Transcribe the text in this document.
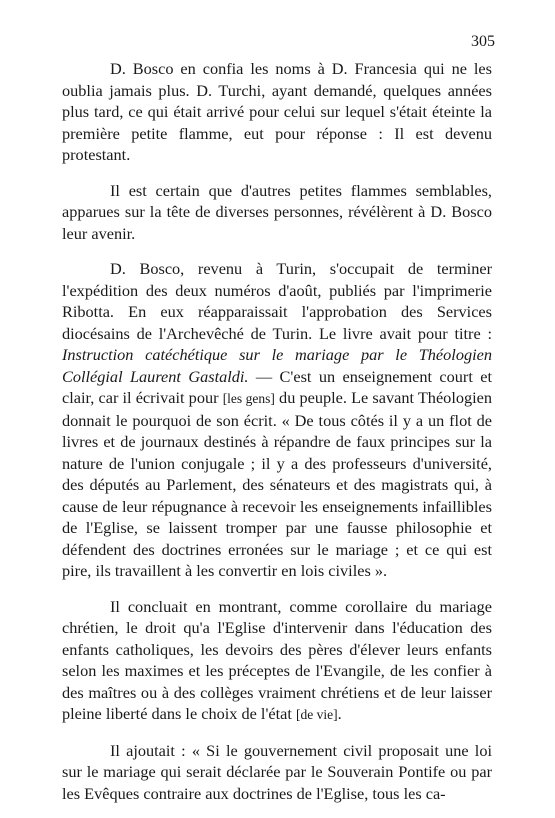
305

D. Bosco en confia les noms à D. Francesia qui ne les oublia jamais plus. D. Turchi, ayant demandé, quelques années plus tard, ce qui était arrivé pour celui sur lequel s'était éteinte la première petite flamme, eut pour réponse : Il est devenu protestant.

Il est certain que d'autres petites flammes semblables, apparues sur la tête de diverses personnes, révélèrent à D. Bosco leur avenir.

D. Bosco, revenu à Turin, s'occupait de terminer l'expédition des deux numéros d'août, publiés par l'imprimerie Ribotta. En eux réapparaissait l'approbation des Services diocésains de l'Archevêché de Turin. Le livre avait pour titre : Instruction catéchétique sur le mariage par le Théologien Collégial Laurent Gastaldi. — C'est un enseignement court et clair, car il écrivait pour [les gens] du peuple. Le savant Théologien donnait le pourquoi de son écrit. « De tous côtés il y a un flot de livres et de journaux destinés à répandre de faux principes sur la nature de l'union conjugale ; il y a des professeurs d'université, des députés au Parlement, des sénateurs et des magistrats qui, à cause de leur répugnance à recevoir les enseignements infaillibles de l'Eglise, se laissent tromper par une fausse philosophie et défendent des doctrines erronées sur le mariage ; et ce qui est pire, ils travaillent à les convertir en lois civiles ».

Il concluait en montrant, comme corollaire du mariage chrétien, le droit qu'a l'Eglise d'intervenir dans l'éducation des enfants catholiques, les devoirs des pères d'élever leurs enfants selon les maximes et les préceptes de l'Evangile, de les confier à des maîtres ou à des collèges vraiment chrétiens et de leur laisser pleine liberté dans le choix de l'état [de vie].

Il ajoutait : « Si le gouvernement civil proposait une loi sur le mariage qui serait déclarée par le Souverain Pontife ou par les Evêques contraire aux doctrines de l'Eglise, tous les ca-
